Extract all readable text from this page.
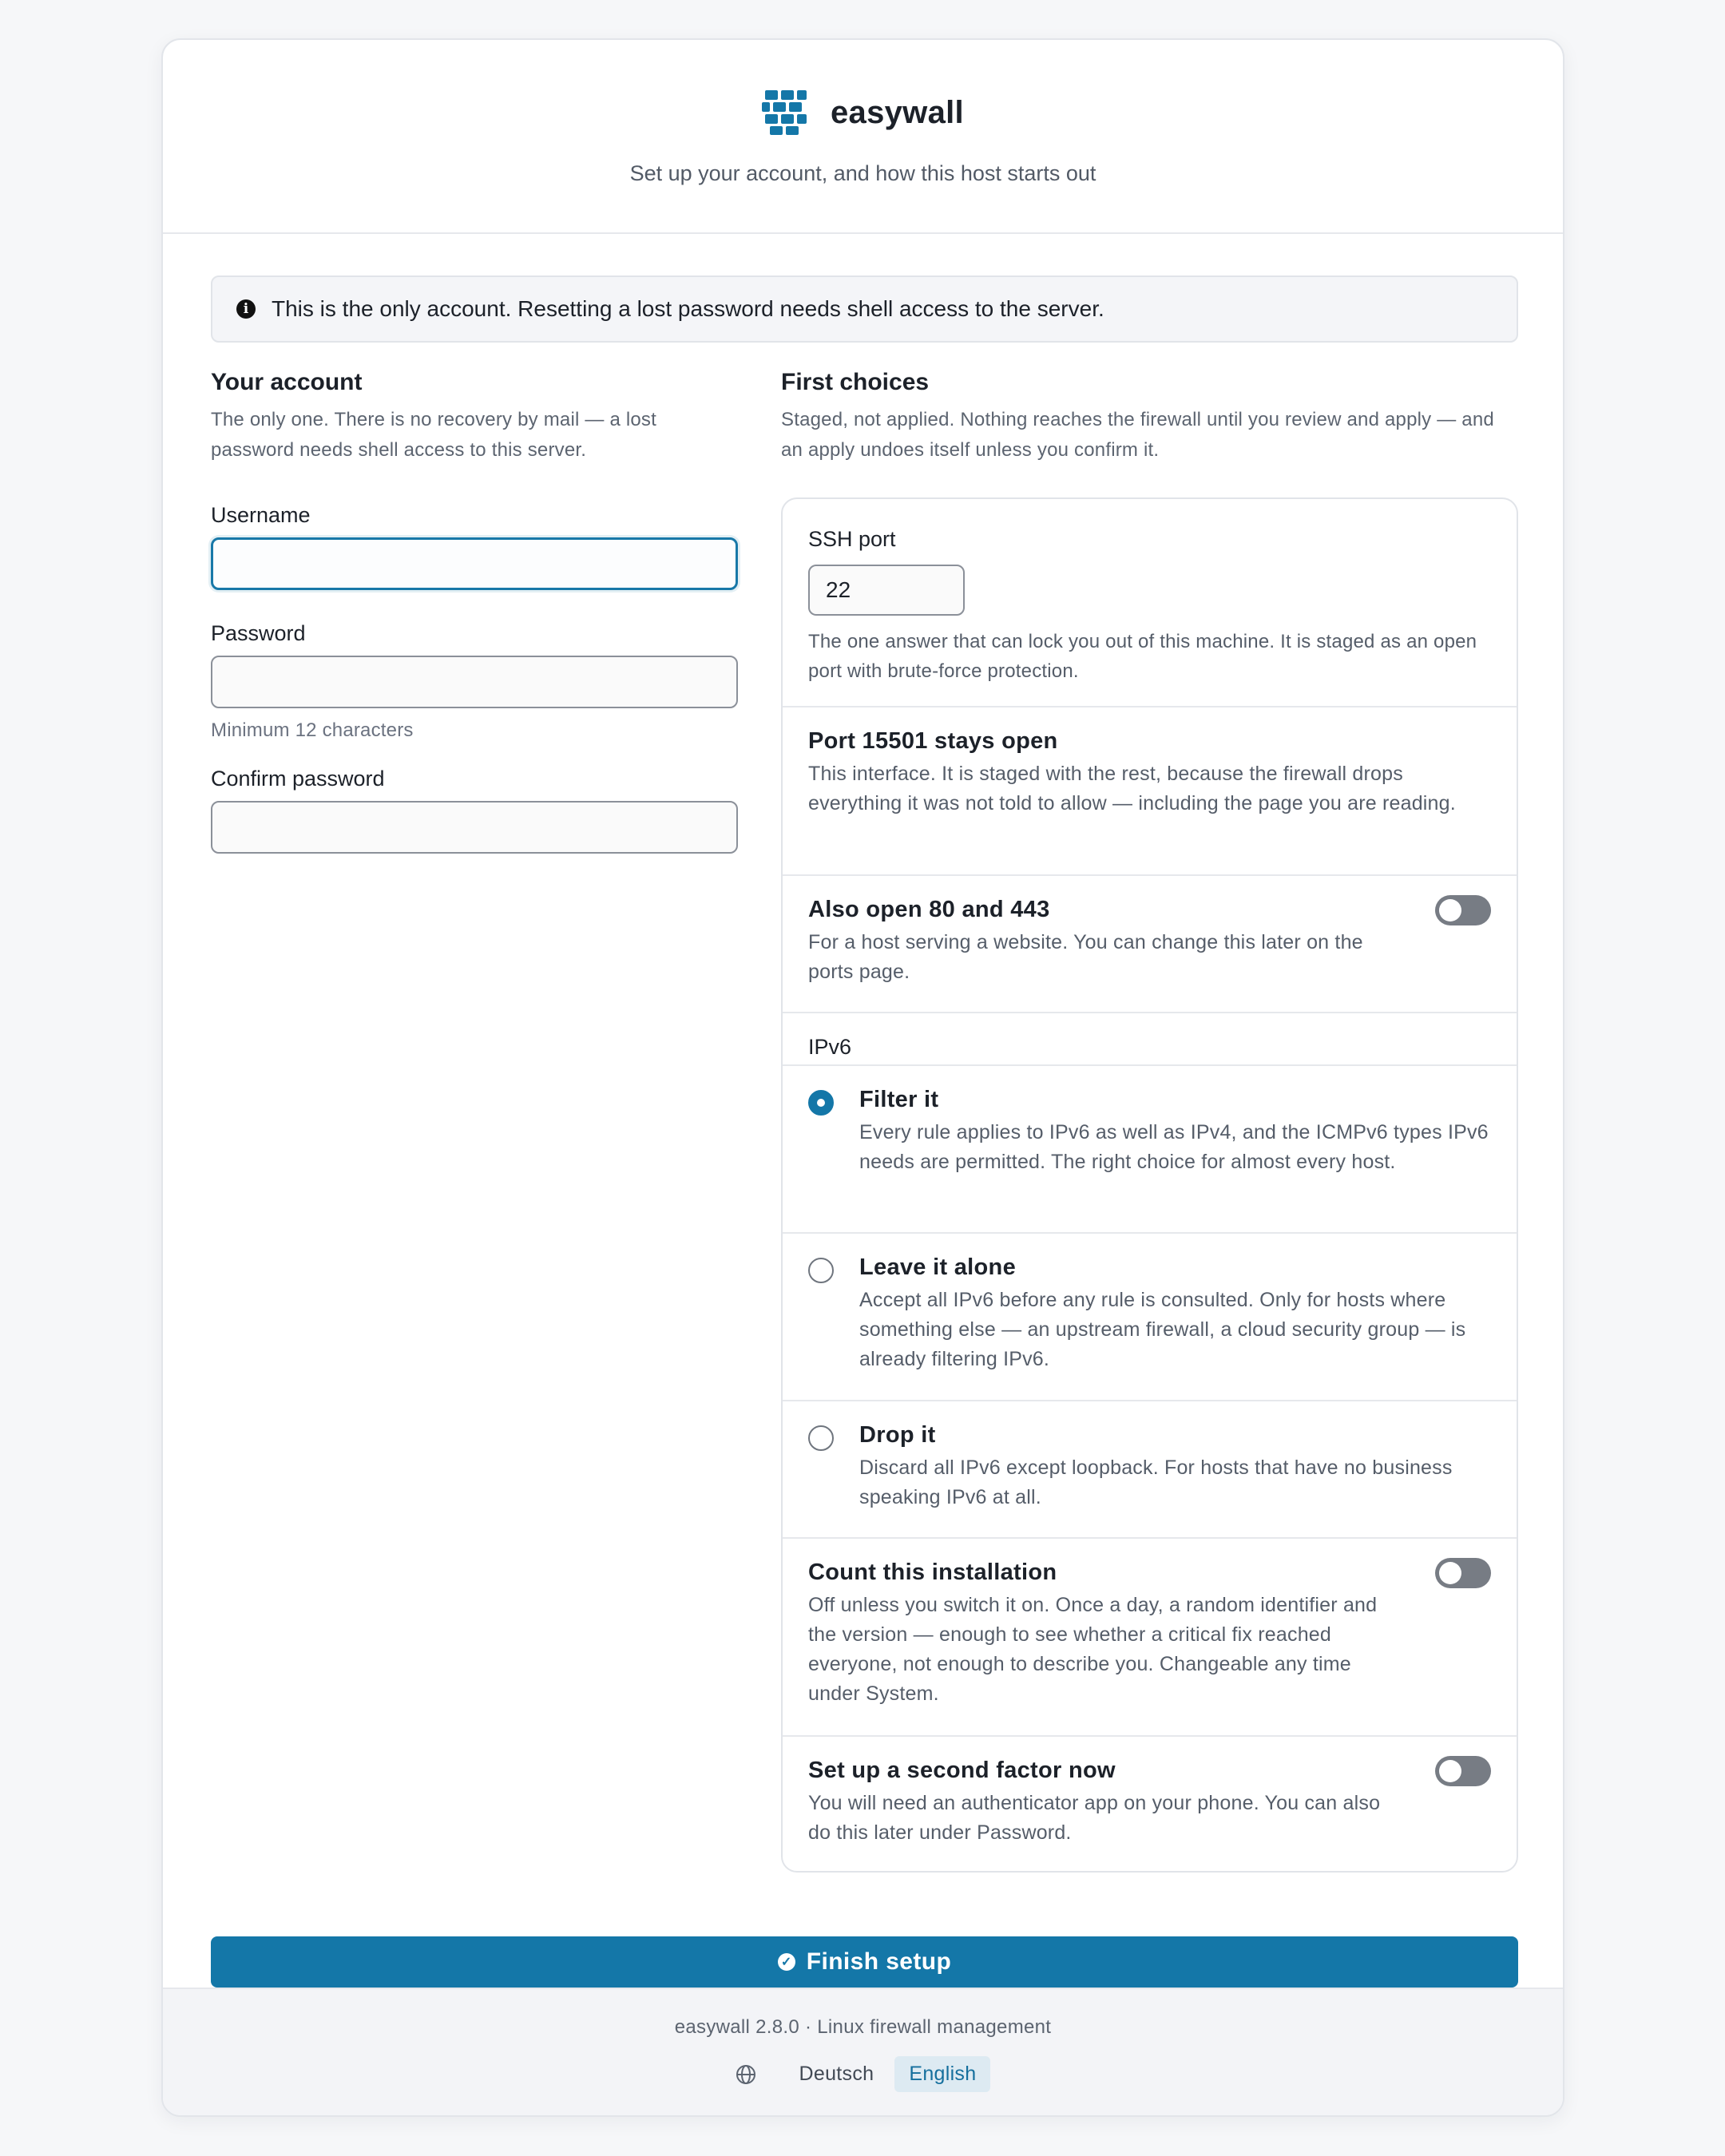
easywall
Set up your account, and how this host starts out
i	This is the only account. Resetting a lost password needs shell access to the server.
Your account
The only one. There is no recovery by mail — a lost password needs shell access to this server.
Username
Password
Minimum 12 characters
Confirm password
First choices
Staged, not applied. Nothing reaches the firewall until you review and apply — and an apply undoes itself unless you confirm it.
SSH port
22
The one answer that can lock you out of this machine. It is staged as an open port with brute-force protection.
Port 15501 stays open
This interface. It is staged with the rest, because the firewall drops everything it was not told to allow — including the page you are reading.
Also open 80 and 443
For a host serving a website. You can change this later on the ports page.
IPv6
Filter it
Every rule applies to IPv6 as well as IPv4, and the ICMPv6 types IPv6 needs are permitted. The right choice for almost every host.
Leave it alone
Accept all IPv6 before any rule is consulted. Only for hosts where something else — an upstream firewall, a cloud security group — is already filtering IPv6.
Drop it
Discard all IPv6 except loopback. For hosts that have no business speaking IPv6 at all.
Count this installation
Off unless you switch it on. Once a day, a random identifier and the version — enough to see whether a critical fix reached everyone, not enough to describe you. Changeable any time under System.
Set up a second factor now
You will need an authenticator app on your phone. You can also do this later under Password.
✓ Finish setup
easywall 2.8.0 · Linux firewall management
Deutsch	English
